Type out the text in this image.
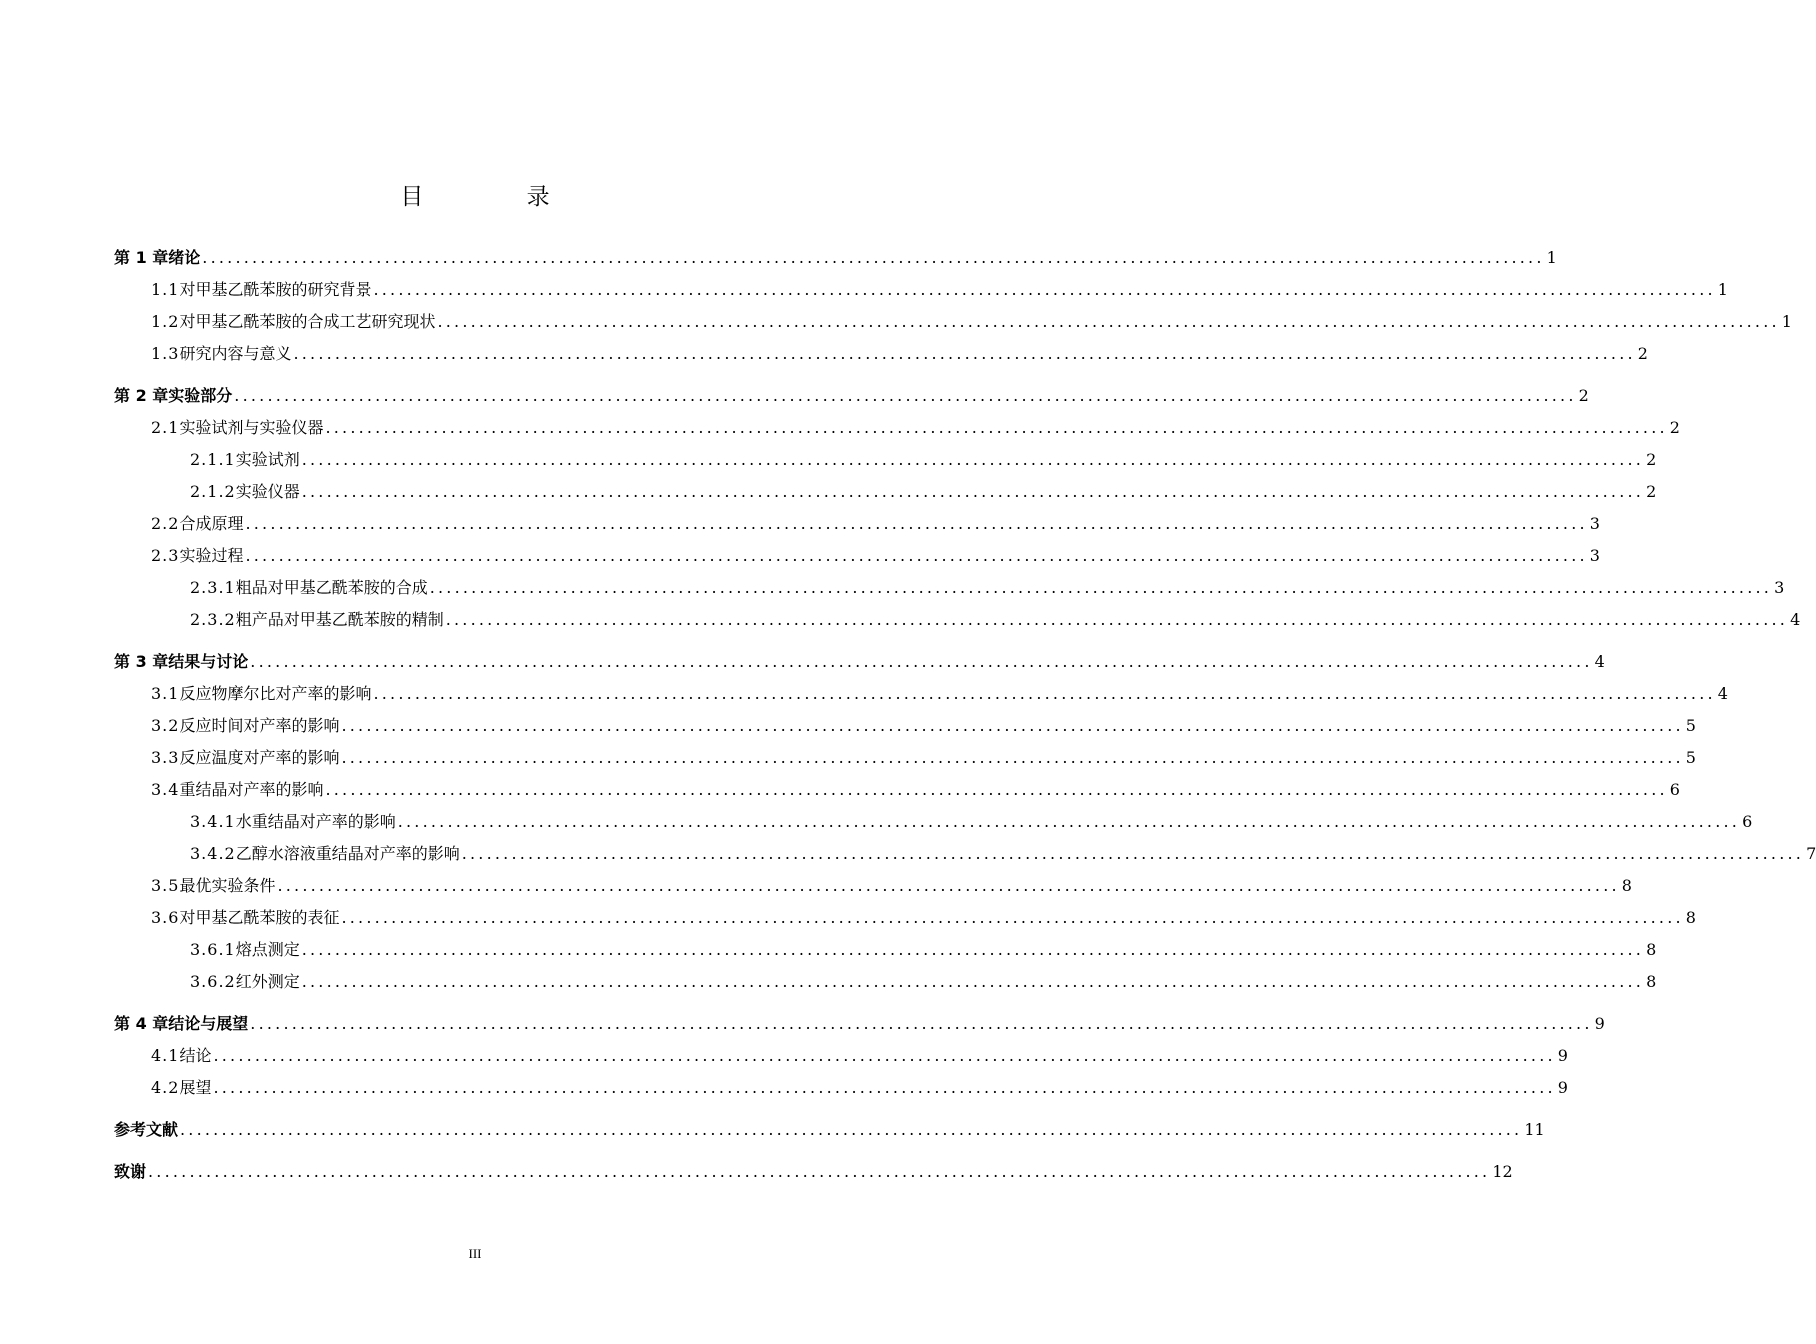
目 录
第 1 章 绪论 .................................................................................................................................................................. 1
1.1 对甲基乙酰苯胺的研究背景 .................................................................................................................................................................. 1
1.2 对甲基乙酰苯胺的合成工艺研究现状 .................................................................................................................................................................. 1
1.3 研究内容与意义 .................................................................................................................................................................. 2
第 2 章 实验部分 .................................................................................................................................................................. 2
2.1 实验试剂与实验仪器 .................................................................................................................................................................. 2
2.1.1 实验试剂 .................................................................................................................................................................. 2
2.1.2 实验仪器 .................................................................................................................................................................. 2
2.2 合成原理 .................................................................................................................................................................. 3
2.3 实验过程 .................................................................................................................................................................. 3
2.3.1 粗品对甲基乙酰苯胺的合成 .................................................................................................................................................................. 3
2.3.2 粗产品对甲基乙酰苯胺的精制 .................................................................................................................................................................. 4
第 3 章 结果与讨论 .................................................................................................................................................................. 4
3.1 反应物摩尔比对产率的影响 .................................................................................................................................................................. 4
3.2 反应时间对产率的影响 .................................................................................................................................................................. 5
3.3 反应温度对产率的影响 .................................................................................................................................................................. 5
3.4 重结晶对产率的影响 .................................................................................................................................................................. 6
3.4.1 水重结晶对产率的影响 .................................................................................................................................................................. 6
3.4.2 乙醇水溶液重结晶对产率的影响 .................................................................................................................................................................. 7
3.5 最优实验条件 .................................................................................................................................................................. 8
3.6 对甲基乙酰苯胺的表征 .................................................................................................................................................................. 8
3.6.1 熔点测定 .................................................................................................................................................................. 8
3.6.2 红外测定 .................................................................................................................................................................. 8
第 4 章 结论与展望 .................................................................................................................................................................. 9
4.1 结论 .................................................................................................................................................................. 9
4.2 展望 .................................................................................................................................................................. 9
参考文献 .................................................................................................................................................................. 11
致谢 .................................................................................................................................................................. 12
III
